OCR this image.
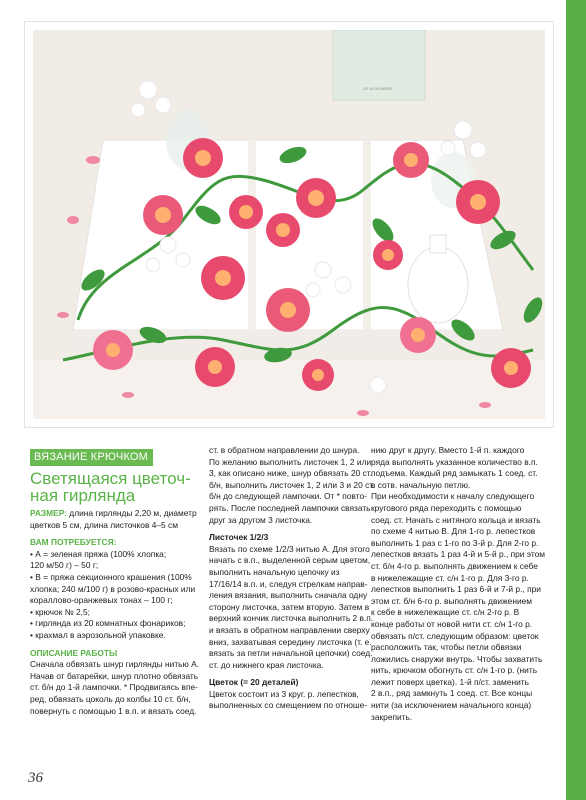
DE NOVEMBRE
ВЯЗАНИЕ КРЮЧКОМ
Светящаяся цветоч-
ная гирлянда
РАЗМЕР: длина гирлянды 2,20 м, диаметр
цветков 5 см, длина листочков 4–5 см
ВАМ ПОТРЕБУЕТСЯ:
• А = зеленая пряжа (100% хлопка;
120 м/50 г) – 50 г;
• В = пряжа секционного крашения (100%
хлопка; 240 м/100 г) в розово-красных или
кораллово-оранжевых тонах – 100 г;
• крючок № 2,5;
• гирлянда из 20 комнатных фонариков;
• крахмал в аэрозольной упаковке.
ОПИСАНИЕ РАБОТЫ
Сначала обвязать шнур гирлянды нитью А.
Начав от батарейки, шнур плотно обвязать
ст. б/н до 1-й лампочки. * Продвигаясь впе-
ред, обвязать цоколь до колбы 10 ст. б/н,
повернуть с помощью 1 в.п. и вязать соед.
ст. в обратном направлении до шнура.
По желанию выполнить листочек 1, 2 или
3, как описано ниже, шнур обвязать 20 ст.
б/н, выполнить листочек 1, 2 или 3 и 20 ст.
б/н до следующей лампочки. От * повто-
рять. После последней лампочки связать
друг за другом 3 листочка.
Листочек 1/2/3
Вязать по схеме 1/2/3 нитью А. Для этого
начать с в.п., выделенной серым цветом,
выполнить начальную цепочку из
17/16/14 в.п. и, следуя стрелкам направ-
ления вязания, выполнить сначала одну
сторону листочка, затем вторую. Затем в
верхний кончик листочка выполнить 2 в.п.
и вязать в обратном направлении сверху
вниз, захватывая середину листочка (т. е.
вязать за петли начальной цепочки) соед.
ст. до нижнего края листочка.
Цветок (= 20 деталей)
Цветок состоит из 3 круг. р. лепестков,
выполненных со смещением по отноше-
нию друг к другу. Вместо 1-й п. каждого
ряда выполнять указанное количество в.п.
подъема. Каждый ряд замыкать 1 соед. ст.
в сотв. начальную петлю.
При необходимости к началу следующего
кругового ряда переходить с помощью
соед. ст. Начать с нитяного кольца и вязать
по схеме 4 нитью В. Для 1-го р. лепестков
выполнить 1 раз с 1-го по 3-й р. Для 2-го р.
лепестков вязать 1 раз 4-й и 5-й р., при этом
ст. б/н 4-го р. выполнять движением к себе
в нижележащие ст. с/н 1-го р. Для 3-го р.
лепестков выполнить 1 раз 6-й и 7-й р., при
этом ст. б/н 6-го р. выполнять движением
к себе в нижележащие ст. с/н 2-го р. В
конце работы от новой нити ст. с/н 1-го р.
обвязать п/ст. следующим образом: цветок
расположить так, чтобы петли обвязки
ложились снаружи внутрь. Чтобы захватить
нить, крючком обогнуть ст. с/н 1-го р. (нить
лежит поверх цветка). 1-й п/ст. заменить
2 в.п., ряд замкнуть 1 соед. ст. Все концы
нити (за исключением начального конца)
закрепить.
36
PassionForum.ru
